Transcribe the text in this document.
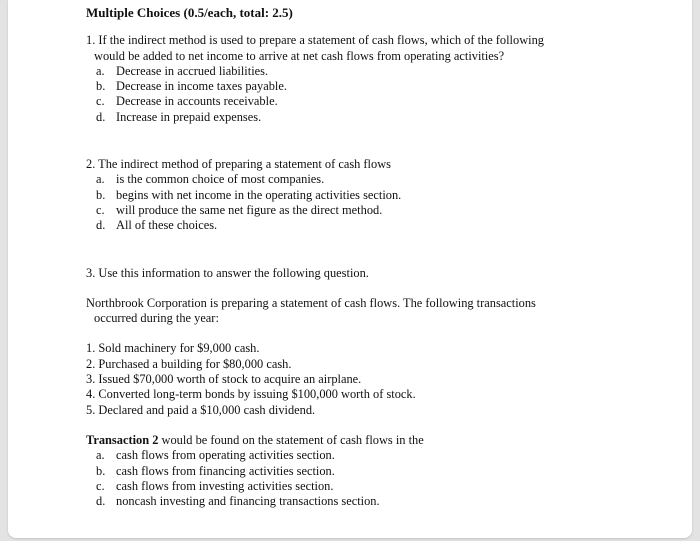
Multiple Choices (0.5/each, total: 2.5)

1. If the indirect method is used to prepare a statement of cash flows, which of the following
would be added to net income to arrive at net cash flows from operating activities?

a. Decrease in accrued liabilities.
b. Decrease in income taxes payable.
c. Decrease in accounts receivable.
d. Increase in prepaid expenses.

2. The indirect method of preparing a statement of cash flows

a. is the common choice of most companies.
b. begins with net income in the operating activities section.
c. will produce the same net figure as the direct method.
d. All of these choices.

3. Use this information to answer the following question.

Northbrook Corporation is preparing a statement of cash flows. The following transactions
occurred during the year:

1. Sold machinery for $9,000 cash.

2. Purchased a building for $80,000 cash.

3. Issued $70,000 worth of stock to acquire an airplane.

4. Converted long-term bonds by issuing $100,000 worth of stock.

5. Declared and paid a $10,000 cash dividend.

Transaction 2 would be found on the statement of cash flows in the

a. cash flows from operating activities section.
b. cash flows from financing activities section.
c. cash flows from investing activities section.
d. noncash investing and financing transactions section.
